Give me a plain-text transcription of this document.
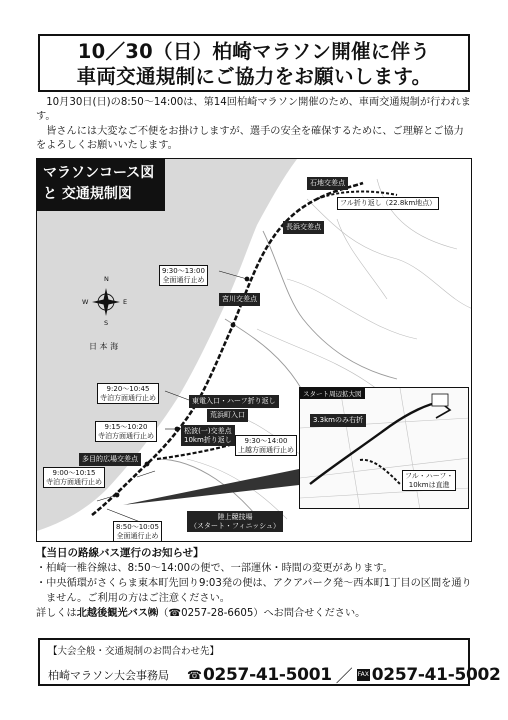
10／30（日）柏崎マラソン開催に伴う
車両交通規制にご協力をお願いします。

10月30日(日)の8:50～14:00は、第14回柏崎マラソン開催のため、車両交通規制が行われます。

皆さんには大変なご不便をお掛けしますが、選手の安全を確保するために、ご理解とご協力をよろしくお願いいたします。

マラソンコース図
と 交通規制図
N
S
E
W
日 本 海
石地交差点
フル折り返し（22.8km地点）
長浜交差点
宮川交差点
9:30～13:00
全面通行止め
東電入口・ハーフ折り返し
荒浜町入口
松波(一)交差点
10km折り返し
9:20～10:45
寺泊方面通行止め
9:15～10:20
寺泊方面通行止め
9:30～14:00
上越方面通行止め
多目的広場交差点
9:00～10:15
寺泊方面通行止め
8:50～10:05
全面通行止め
陸上競技場
（スタート・フィニッシュ）
スタート周辺拡大図
3.3kmのみ右折
フル・ハーフ・
10kmは直進
【当日の路線バス運行のお知らせ】
・柏崎一椎谷線は、8:50～14:00の便で、一部運休・時間の変更があります。
・中央循環がさくらま東本町先回り9:03発の便は、アクアパーク発～西本町1丁目の区間を通りません。ご利用の方はご注意ください。
詳しくは北越後観光バス㈱（☎0257-28-6605）へお問合せください。
【大会全般・交通規制のお問合わせ先】
柏崎マラソン大会事務局 ☎ 0257-41-5001 ／ FAX 0257-41-5002
